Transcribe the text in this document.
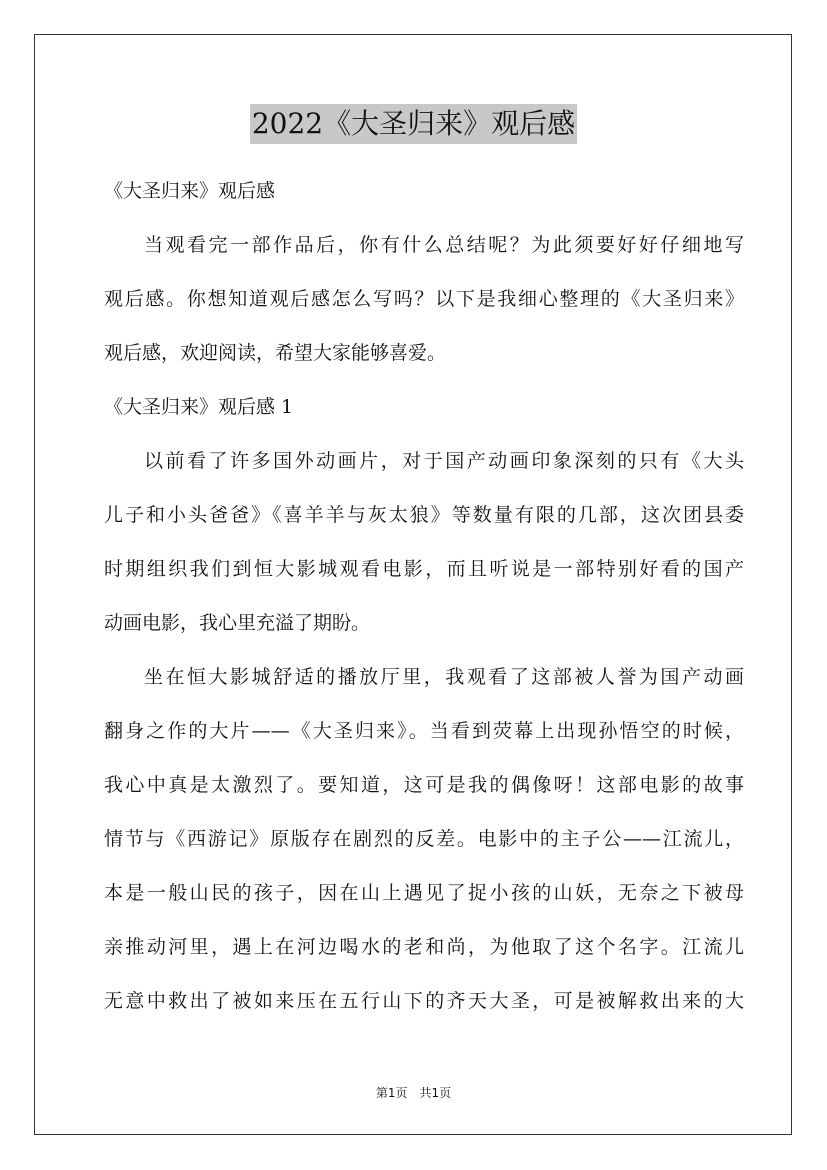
2022《大圣归来》观后感
《大圣归来》观后感
当观看完一部作品后，你有什么总结呢？为此须要好好仔细地写
观后感。你想知道观后感怎么写吗？以下是我细心整理的《大圣归来》
观后感，欢迎阅读，希望大家能够喜爱。
《大圣归来》观后感 1
以前看了许多国外动画片，对于国产动画印象深刻的只有《大头
儿子和小头爸爸》《喜羊羊与灰太狼》等数量有限的几部，这次团县委
时期组织我们到恒大影城观看电影，而且听说是一部特别好看的国产
动画电影，我心里充溢了期盼。
坐在恒大影城舒适的播放厅里，我观看了这部被人誉为国产动画
翻身之作的大片——《大圣归来》。当看到荧幕上出现孙悟空的时候，
我心中真是太激烈了。要知道，这可是我的偶像呀！这部电影的故事
情节与《西游记》原版存在剧烈的反差。电影中的主子公——江流儿，
本是一般山民的孩子，因在山上遇见了捉小孩的山妖，无奈之下被母
亲推动河里，遇上在河边喝水的老和尚，为他取了这个名字。江流儿
无意中救出了被如来压在五行山下的齐天大圣，可是被解救出来的大
第1页　共1页
